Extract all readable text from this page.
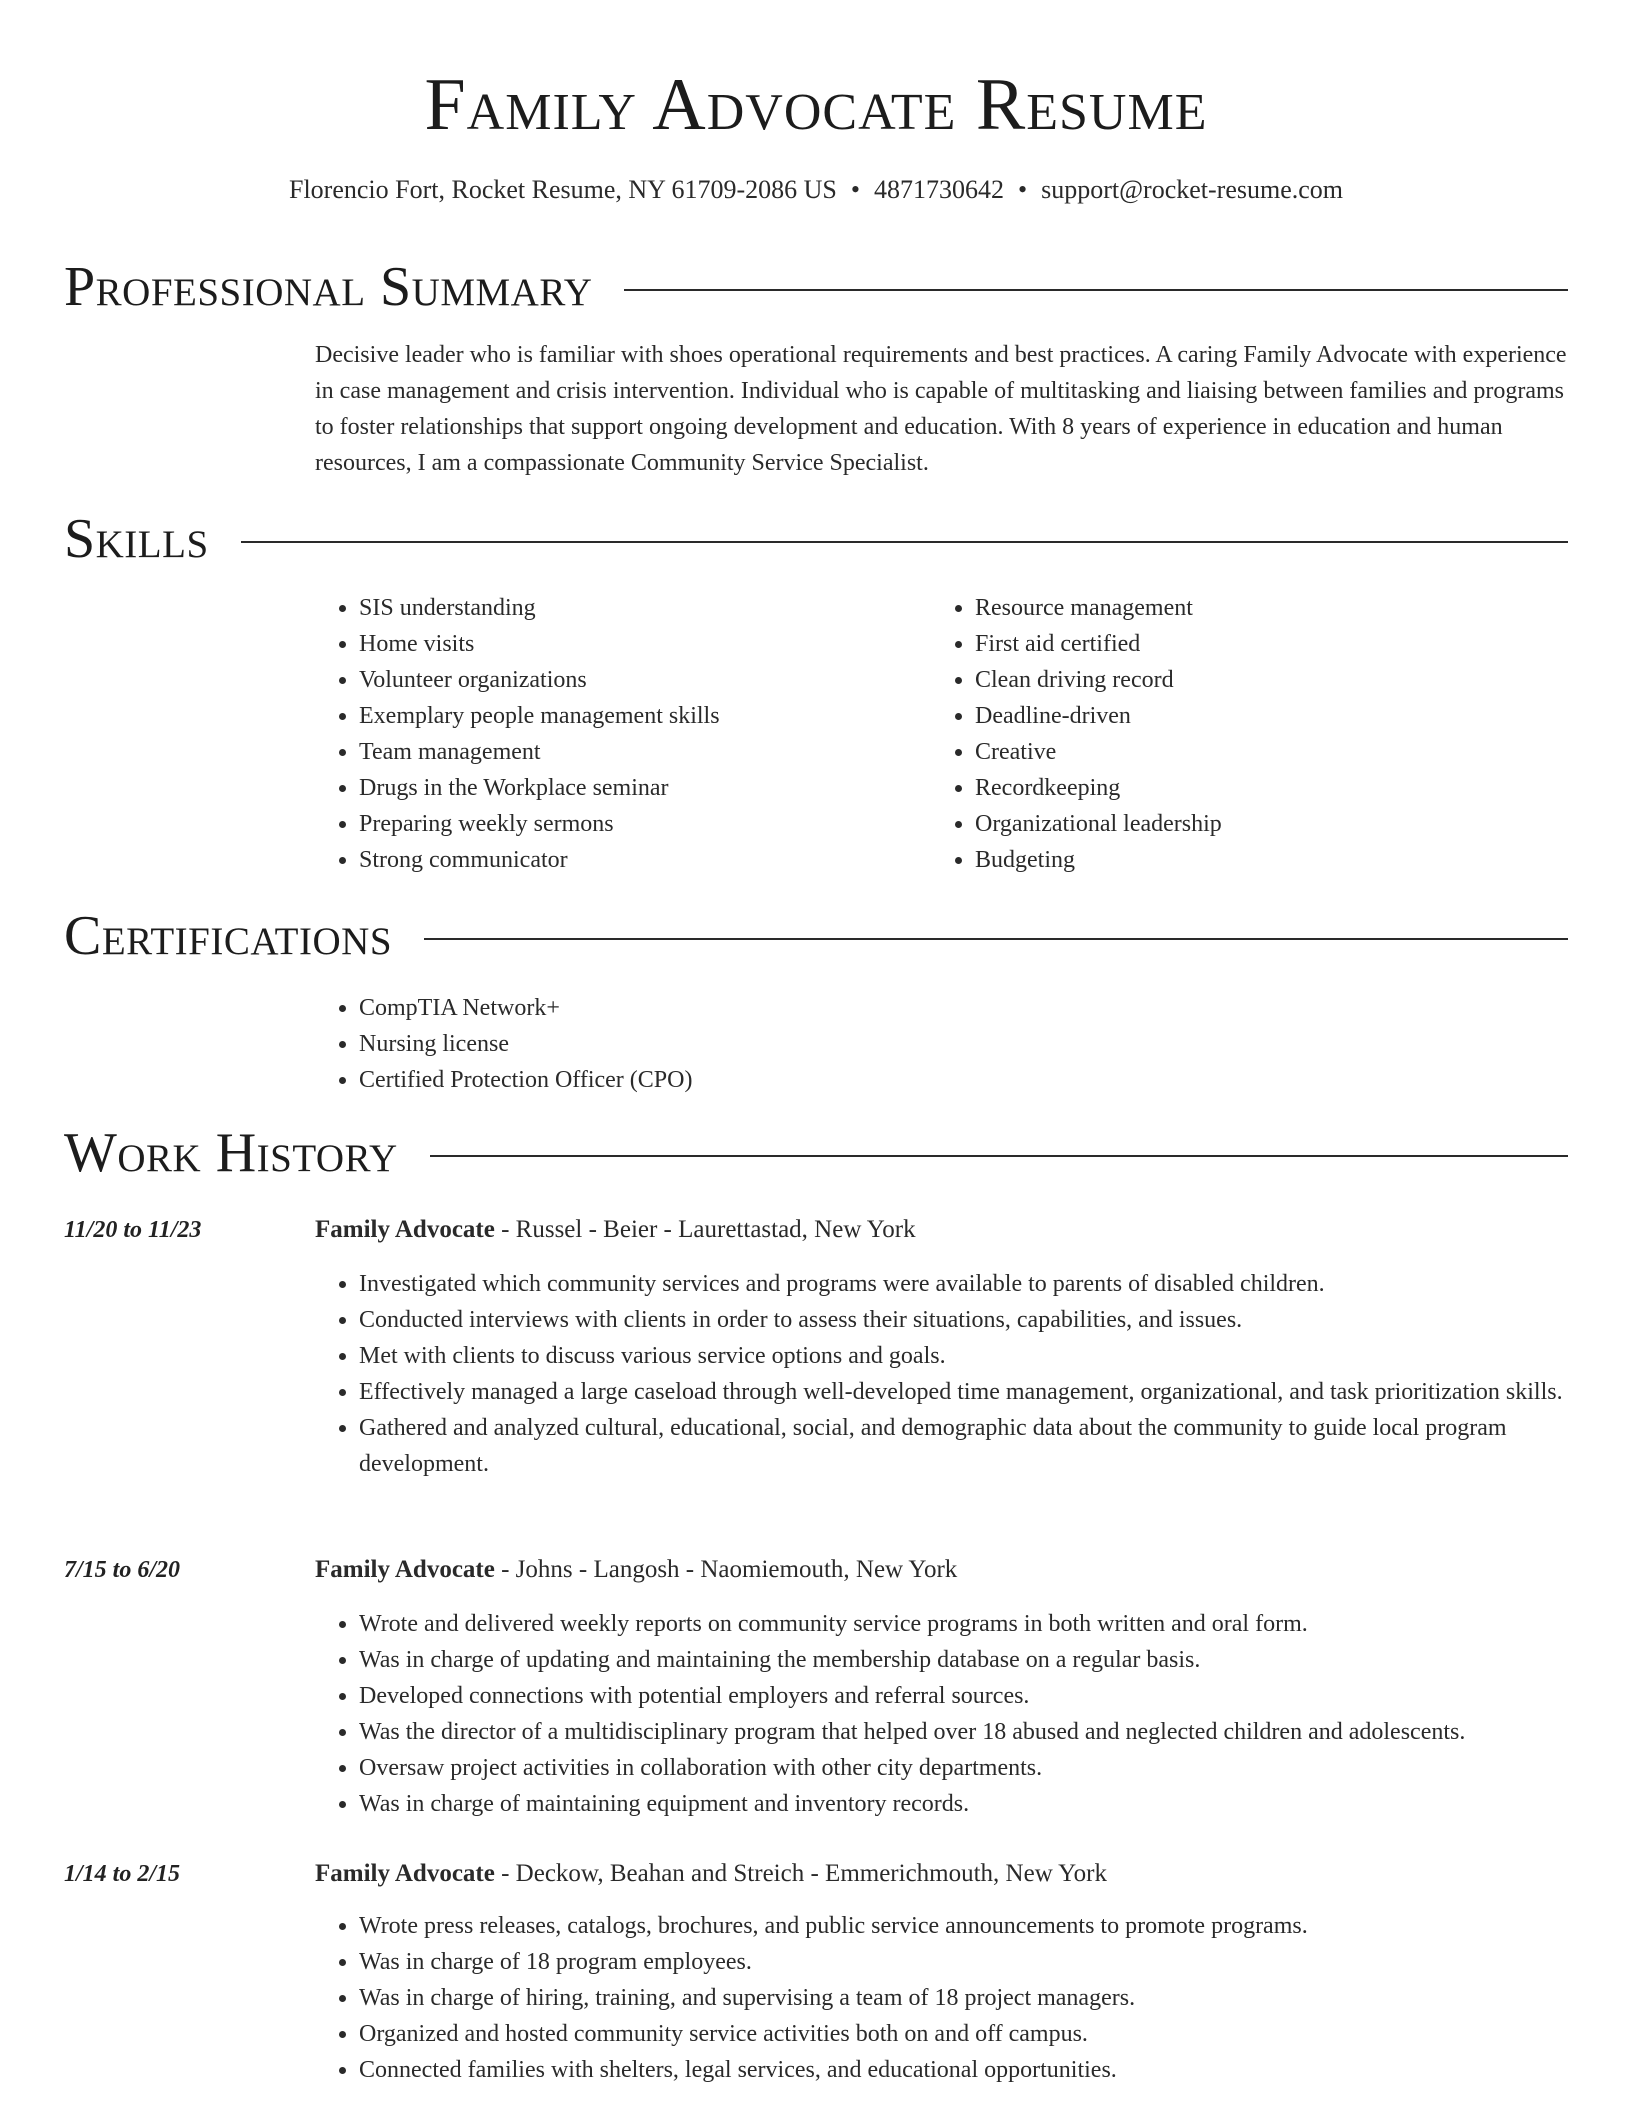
Family Advocate Resume
Florencio Fort, Rocket Resume, NY 61709-2086 US • 4871730642 • support@rocket-resume.com
Professional Summary
Decisive leader who is familiar with shoes operational requirements and best practices. A caring Family Advocate with experience in case management and crisis intervention. Individual who is capable of multitasking and liaising between families and programs to foster relationships that support ongoing development and education. With 8 years of experience in education and human resources, I am a compassionate Community Service Specialist.
Skills
• SIS understanding
• Home visits
• Volunteer organizations
• Exemplary people management skills
• Team management
• Drugs in the Workplace seminar
• Preparing weekly sermons
• Strong communicator
• Resource management
• First aid certified
• Clean driving record
• Deadline-driven
• Creative
• Recordkeeping
• Organizational leadership
• Budgeting
Certifications
• CompTIA Network+
• Nursing license
• Certified Protection Officer (CPO)
Work History
11/20 to 11/23	Family Advocate - Russel - Beier - Laurettastad, New York
• Investigated which community services and programs were available to parents of disabled children.
• Conducted interviews with clients in order to assess their situations, capabilities, and issues.
• Met with clients to discuss various service options and goals.
• Effectively managed a large caseload through well-developed time management, organizational, and task prioritization skills.
• Gathered and analyzed cultural, educational, social, and demographic data about the community to guide local program development.
7/15 to 6/20	Family Advocate - Johns - Langosh - Naomiemouth, New York
• Wrote and delivered weekly reports on community service programs in both written and oral form.
• Was in charge of updating and maintaining the membership database on a regular basis.
• Developed connections with potential employers and referral sources.
• Was the director of a multidisciplinary program that helped over 18 abused and neglected children and adolescents.
• Oversaw project activities in collaboration with other city departments.
• Was in charge of maintaining equipment and inventory records.
1/14 to 2/15	Family Advocate - Deckow, Beahan and Streich - Emmerichmouth, New York
• Wrote press releases, catalogs, brochures, and public service announcements to promote programs.
• Was in charge of 18 program employees.
• Was in charge of hiring, training, and supervising a team of 18 project managers.
• Organized and hosted community service activities both on and off campus.
• Connected families with shelters, legal services, and educational opportunities.
